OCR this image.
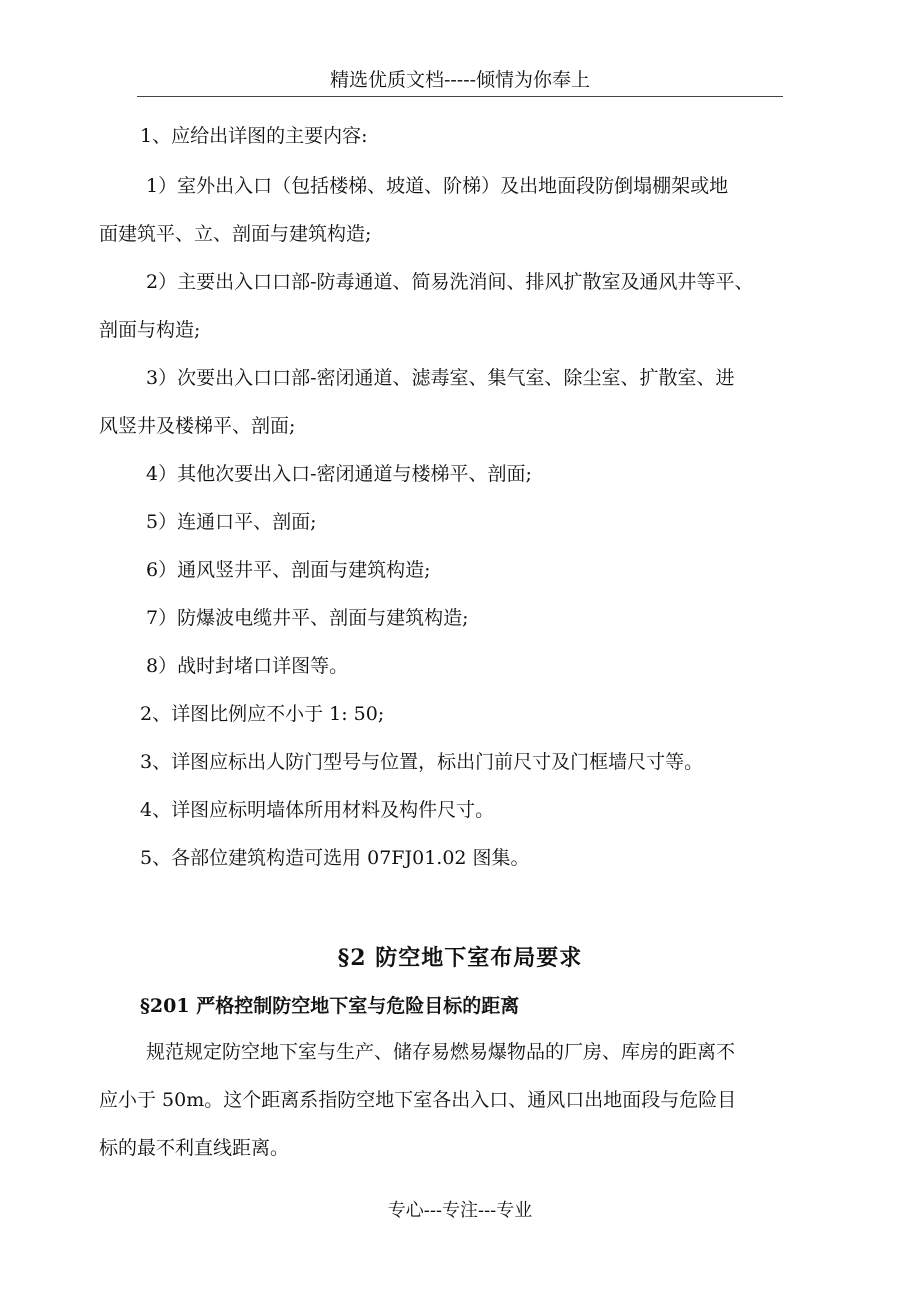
精选优质文档-----倾情为你奉上
1、应给出详图的主要内容:
1）室外出入口（包括楼梯、坡道、阶梯）及出地面段防倒塌棚架或地
面建筑平、立、剖面与建筑构造;
2）主要出入口口部-防毒通道、简易洗消间、排风扩散室及通风井等平、
剖面与构造;
3）次要出入口口部-密闭通道、滤毒室、集气室、除尘室、扩散室、进
风竖井及楼梯平、剖面;
4）其他次要出入口-密闭通道与楼梯平、剖面;
5）连通口平、剖面;
6）通风竖井平、剖面与建筑构造;
7）防爆波电缆井平、剖面与建筑构造;
8）战时封堵口详图等。
2、详图比例应不小于 1: 50;
3、详图应标出人防门型号与位置，标出门前尺寸及门框墙尺寸等。
4、详图应标明墙体所用材料及构件尺寸。
5、各部位建筑构造可选用 07FJ01.02 图集。
§2 防空地下室布局要求
§201 严格控制防空地下室与危险目标的距离
规范规定防空地下室与生产、储存易燃易爆物品的厂房、库房的距离不
应小于 50m。这个距离系指防空地下室各出入口、通风口出地面段与危险目
标的最不利直线距离。
专心---专注---专业
